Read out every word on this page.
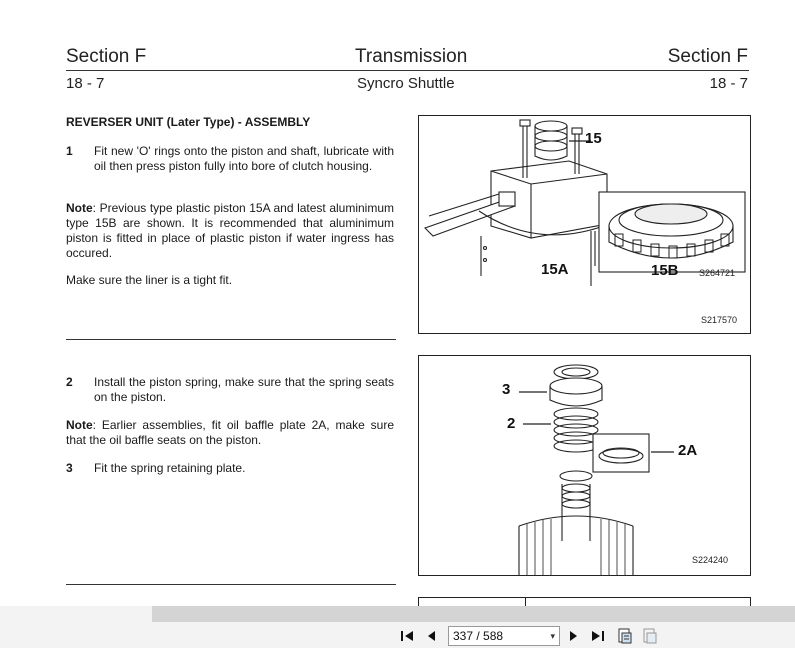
Section F	Transmission	Section F
18 - 7	Syncro Shuttle	18 - 7
REVERSER UNIT (Later Type) - ASSEMBLY
1 Fit new 'O' rings onto the piston and shaft, lubricate with oil then press piston fully into bore of clutch housing.
Note: Previous type plastic piston 15A and latest aluminimum type 15B are shown. It is recommended that aluminimum piston is fitted in place of plastic piston if water ingress has occured.
Make sure the liner is a tight fit.
15
15A	15B S264721
S217570
2 Install the piston spring, make sure that the spring seats on the piston.
Note: Earlier assemblies, fit oil baffle plate 2A, make sure that the oil baffle seats on the piston.
3 Fit the spring retaining plate.
3
2
2A
S224240
337 / 588	▾
